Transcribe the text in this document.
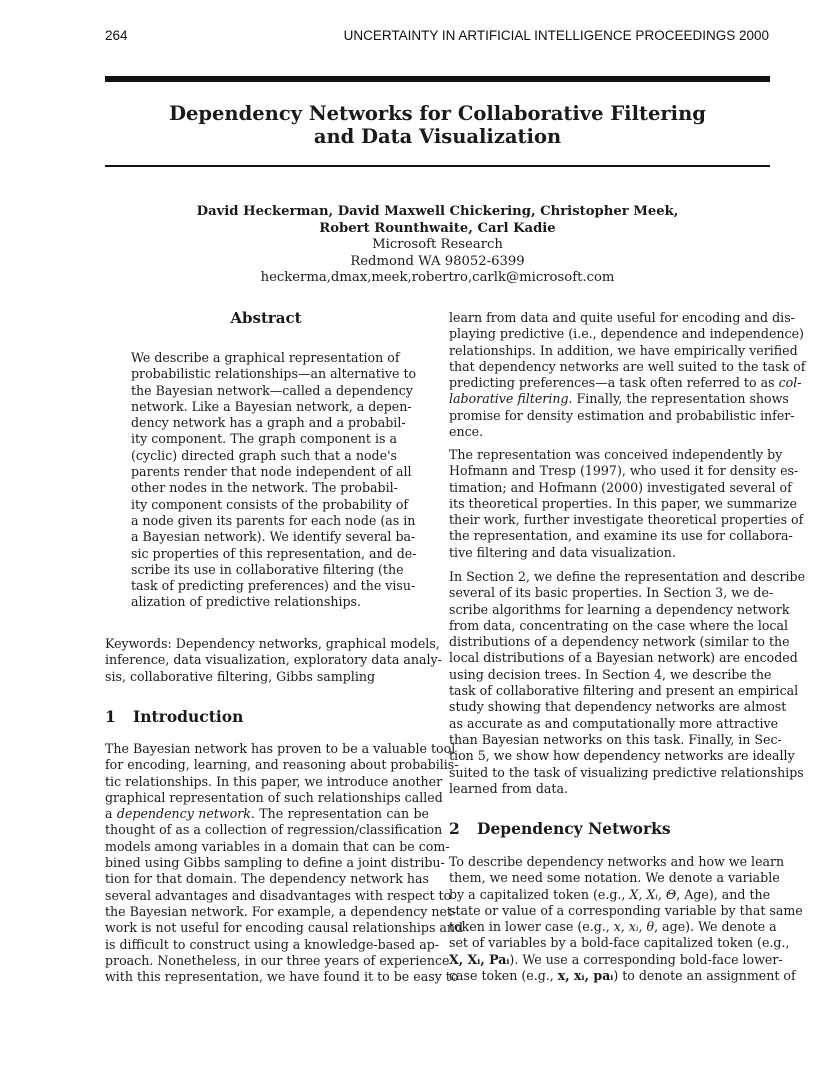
264	UNCERTAINTY IN ARTIFICIAL INTELLIGENCE PROCEEDINGS 2000
Dependency Networks for Collaborative Filtering
and Data Visualization
David Heckerman, David Maxwell Chickering, Christopher Meek,
Robert Rounthwaite, Carl Kadie
Microsoft Research
Redmond WA 98052-6399
heckerma,dmax,meek,robertro,carlk@microsoft.com
Abstract
We describe a graphical representation of
probabilistic relationships—an alternative to
the Bayesian network—called a dependency
network. Like a Bayesian network, a depen-
dency network has a graph and a probabil-
ity component. The graph component is a
(cyclic) directed graph such that a node's
parents render that node independent of all
other nodes in the network. The probabil-
ity component consists of the probability of
a node given its parents for each node (as in
a Bayesian network). We identify several ba-
sic properties of this representation, and de-
scribe its use in collaborative filtering (the
task of predicting preferences) and the visu-
alization of predictive relationships.
Keywords: Dependency networks, graphical models,
inference, data visualization, exploratory data analy-
sis, collaborative filtering, Gibbs sampling
1 Introduction
The Bayesian network has proven to be a valuable tool
for encoding, learning, and reasoning about probabilis-
tic relationships. In this paper, we introduce another
graphical representation of such relationships called
a dependency network. The representation can be
thought of as a collection of regression/classification
models among variables in a domain that can be com-
bined using Gibbs sampling to define a joint distribu-
tion for that domain. The dependency network has
several advantages and disadvantages with respect to
the Bayesian network. For example, a dependency net-
work is not useful for encoding causal relationships and
is difficult to construct using a knowledge-based ap-
proach. Nonetheless, in our three years of experience
with this representation, we have found it to be easy to
learn from data and quite useful for encoding and dis-
playing predictive (i.e., dependence and independence)
relationships. In addition, we have empirically verified
that dependency networks are well suited to the task of
predicting preferences—a task often referred to as col-
laborative filtering. Finally, the representation shows
promise for density estimation and probabilistic infer-
ence.
The representation was conceived independently by
Hofmann and Tresp (1997), who used it for density es-
timation; and Hofmann (2000) investigated several of
its theoretical properties. In this paper, we summarize
their work, further investigate theoretical properties of
the representation, and examine its use for collabora-
tive filtering and data visualization.
In Section 2, we define the representation and describe
several of its basic properties. In Section 3, we de-
scribe algorithms for learning a dependency network
from data, concentrating on the case where the local
distributions of a dependency network (similar to the
local distributions of a Bayesian network) are encoded
using decision trees. In Section 4, we describe the
task of collaborative filtering and present an empirical
study showing that dependency networks are almost
as accurate as and computationally more attractive
than Bayesian networks on this task. Finally, in Sec-
tion 5, we show how dependency networks are ideally
suited to the task of visualizing predictive relationships
learned from data.
2 Dependency Networks
To describe dependency networks and how we learn
them, we need some notation. We denote a variable
by a capitalized token (e.g., X, Xᵢ, Θ, Age), and the
state or value of a corresponding variable by that same
token in lower case (e.g., x, xᵢ, θ, age). We denote a
set of variables by a bold-face capitalized token (e.g.,
X, Xᵢ, Paᵢ). We use a corresponding bold-face lower-
case token (e.g., x, xᵢ, paᵢ) to denote an assignment of
